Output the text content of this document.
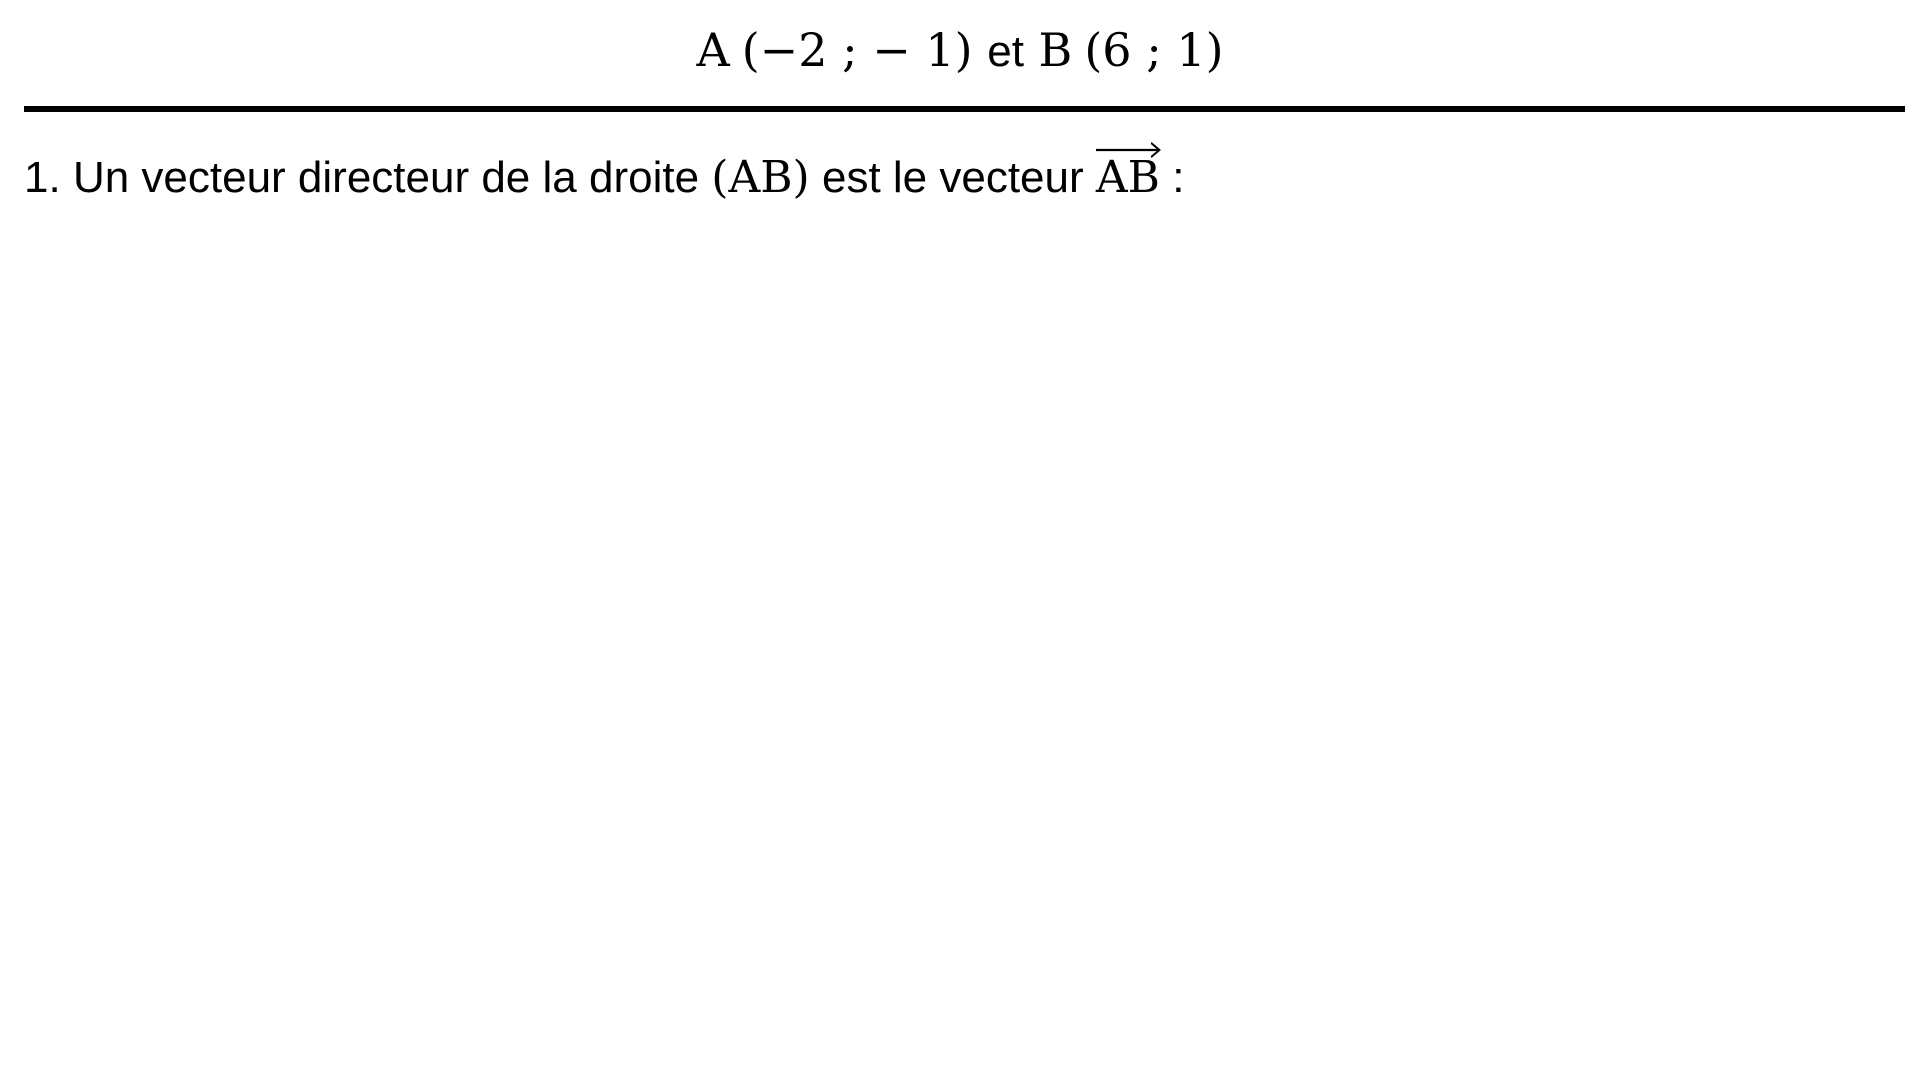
A (−2 ; − 1) et B (6 ; 1)
1. Un vecteur directeur de la droite (AB) est le vecteur AB :
